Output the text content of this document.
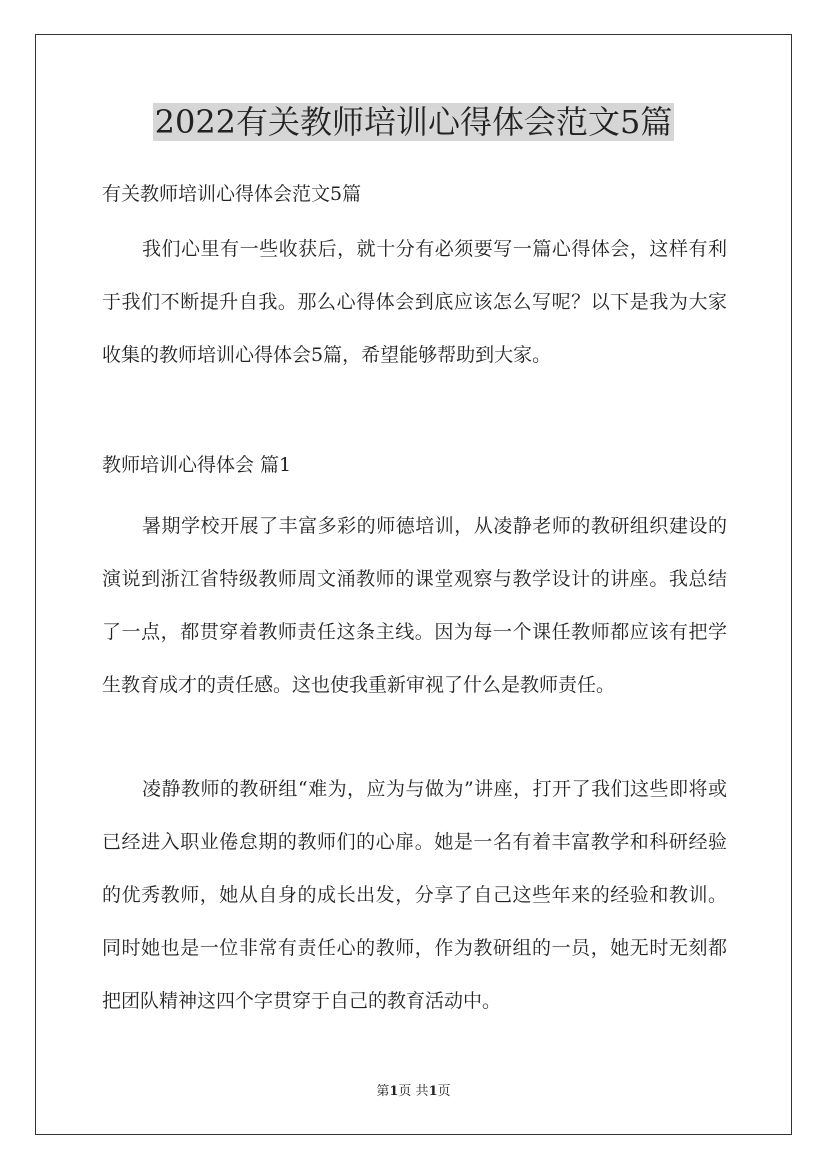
2022有关教师培训心得体会范文5篇

有关教师培训心得体会范文5篇

我们心里有一些收获后，就十分有必须要写一篇心得体会，这样有利于我们不断提升自我。那么心得体会到底应该怎么写呢？以下是我为大家收集的教师培训心得体会5篇，希望能够帮助到大家。

教师培训心得体会 篇1

暑期学校开展了丰富多彩的师德培训，从凌静老师的教研组织建设的演说到浙江省特级教师周文涌教师的课堂观察与教学设计的讲座。我总结了一点，都贯穿着教师责任这条主线。因为每一个课任教师都应该有把学生教育成才的责任感。这也使我重新审视了什么是教师责任。

凌静教师的教研组“难为，应为与做为”讲座，打开了我们这些即将或已经进入职业倦怠期的教师们的心扉。她是一名有着丰富教学和科研经验的优秀教师，她从自身的成长出发，分享了自己这些年来的经验和教训。同时她也是一位非常有责任心的教师，作为教研组的一员，她无时无刻都把团队精神这四个字贯穿于自己的教育活动中。

第1页 共1页
